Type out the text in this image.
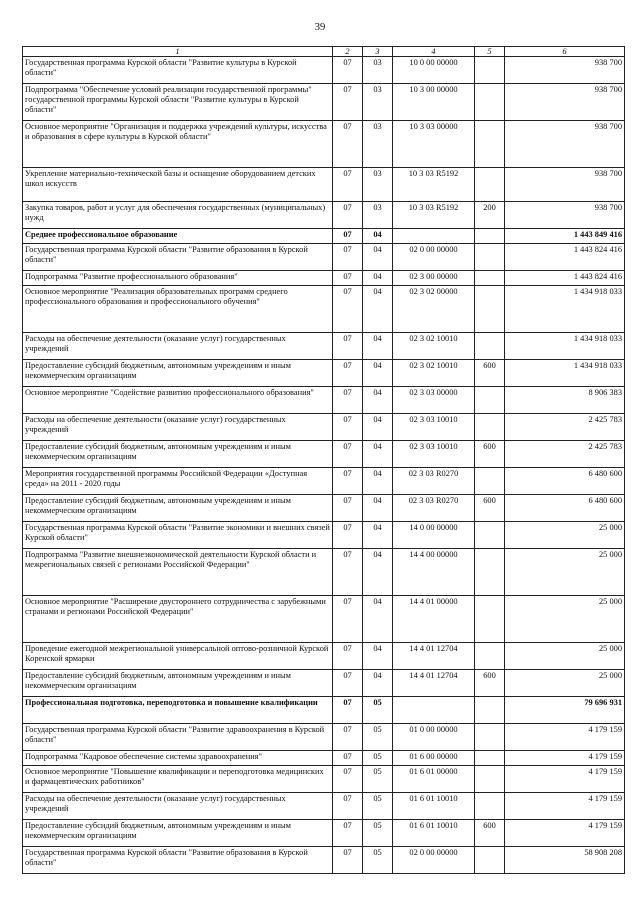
39
1	2	3	4	5	6
Государственная программа Курской области "Развитие культуры в Курской области"	07	03	10 0 00 00000		938 700
Подпрограмма "Обеспечение условий реализации государственной программы" государственной программы Курской области "Развитие культуры в Курской области"	07	03	10 3 00 00000		938 700
Основное мероприятие "Организация и поддержка учреждений культуры, искусства и образования в сфере культуры в Курской области"	07	03	10 3 03 00000		938 700
Укрепление материально-технической базы и оснащение оборудованием детских школ искусств	07	03	10 3 03 R5192		938 700
Закупка товаров, работ и услуг для обеспечения государственных (муниципальных) нужд	07	03	10 3 03 R5192	200	938 700
Среднее профессиональное образование	07	04			1 443 849 416
Государственная программа Курской области "Развитие образования в Курской области"	07	04	02 0 00 00000		1 443 824 416
Подпрограмма "Развитие профессионального образования"	07	04	02 3 00 00000		1 443 824 416
Основное мероприятие "Реализация образовательных программ среднего профессионального образования и профессионального обучения"	07	04	02 3 02 00000		1 434 918 033
Расходы на обеспечение деятельности (оказание услуг) государственных учреждений	07	04	02 3 02 10010		1 434 918 033
Предоставление субсидий бюджетным, автономным учреждениям и иным некоммерческим организациям	07	04	02 3 02 10010	600	1 434 918 033
Основное мероприятие "Содействие развитию профессионального образования"	07	04	02 3 03 00000		8 906 383
Расходы на обеспечение деятельности (оказание услуг) государственных учреждений	07	04	02 3 03 10010		2 425 783
Предоставление субсидий бюджетным, автономным учреждениям и иным некоммерческим организациям	07	04	02 3 03 10010	600	2 425 783
Мероприятия государственной программы Российской Федерации «Доступная среда» на 2011 - 2020 годы	07	04	02 3 03 R0270		6 480 600
Предоставление субсидий бюджетным, автономным учреждениям и иным некоммерческим организациям	07	04	02 3 03 R0270	600	6 480 600
Государственная программа Курской области "Развитие экономики и внешних связей Курской области"	07	04	14 0 00 00000		25 000
Подпрограмма "Развитие внешнеэкономической деятельности Курской области и межрегиональных связей с регионами Российской Федерации"	07	04	14 4 00 00000		25 000
Основное мероприятие "Расширение двустороннего сотрудничества с зарубежными странами и регионами Российской Федерации"	07	04	14 4 01 00000		25 000
Проведение ежегодной межрегиональной универсальной оптово-розничной Курской Коренской ярмарки	07	04	14 4 01 12704		25 000
Предоставление субсидий бюджетным, автономным учреждениям и иным некоммерческим организациям	07	04	14 4 01 12704	600	25 000
Профессиональная подготовка, переподготовка и повышение квалификации	07	05			79 696 931
Государственная программа Курской области "Развитие здравоохранения в Курской области"	07	05	01 0 00 00000		4 179 159
Подпрограмма "Кадровое обеспечение системы здравоохранения"	07	05	01 6 00 00000		4 179 159
Основное мероприятие "Повышение квалификации и переподготовка медицинских и фармацевтических работников"	07	05	01 6 01 00000		4 179 159
Расходы на обеспечение деятельности (оказание услуг) государственных учреждений	07	05	01 6 01 10010		4 179 159
Предоставление субсидий бюджетным, автономным учреждениям и иным некоммерческим организациям	07	05	01 6 01 10010	600	4 179 159
Государственная программа Курской области "Развитие образования в Курской области"	07	05	02 0 00 00000		58 908 208
